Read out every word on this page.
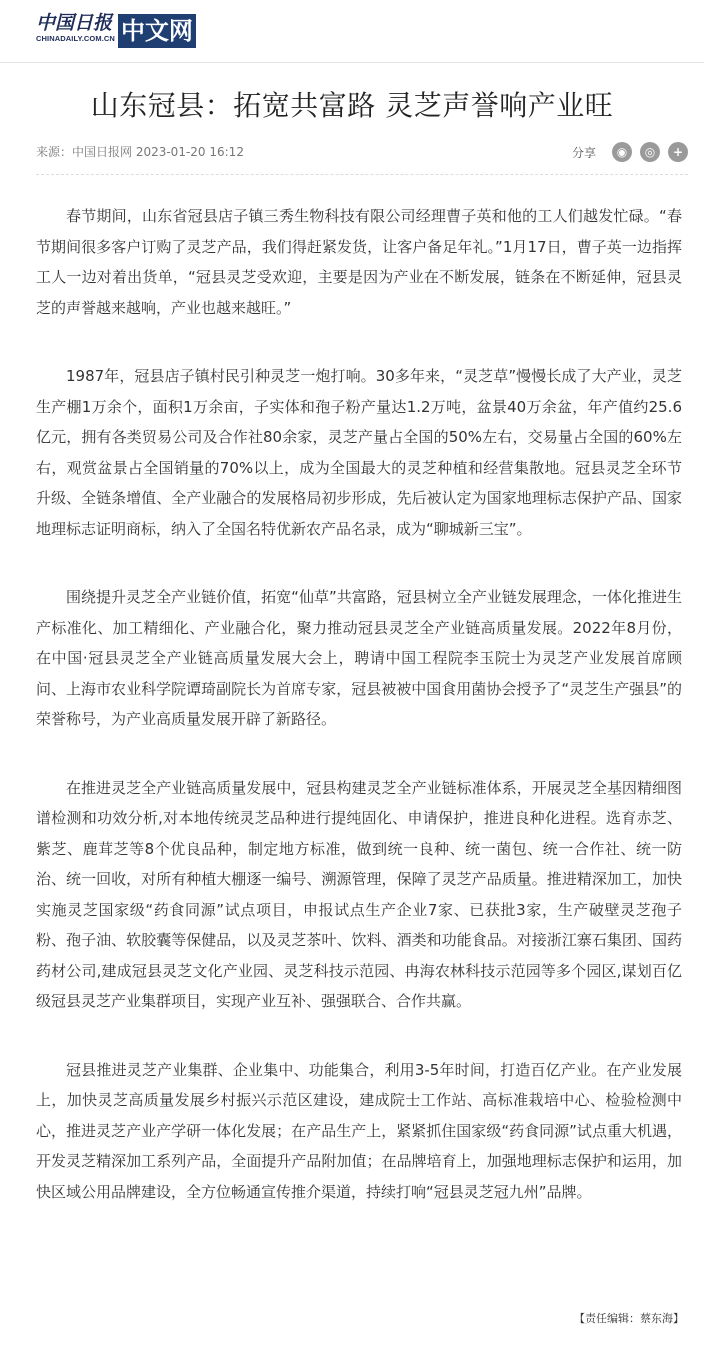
中国日报
CHINADAILY.COM.CN 中文网
山东冠县：拓宽共富路 灵芝声誉响产业旺
来源：中国日报网 2023-01-20 16:12	分享	◉	◎	+

春节期间，山东省冠县店子镇三秀生物科技有限公司经理曹子英和他的工人们越发忙碌。“春节期间很多客户订购了灵芝产品，我们得赶紧发货，让客户备足年礼。”1月17日，曹子英一边指挥工人一边对着出货单，“冠县灵芝受欢迎，主要是因为产业在不断发展，链条在不断延伸，冠县灵芝的声誉越来越响，产业也越来越旺。”

1987年，冠县店子镇村民引种灵芝一炮打响。30多年来，“灵芝草”慢慢长成了大产业，灵芝生产棚1万余个，面积1万余亩，子实体和孢子粉产量达1.2万吨，盆景40万余盆，年产值约25.6亿元，拥有各类贸易公司及合作社80余家，灵芝产量占全国的50%左右，交易量占全国的60%左右，观赏盆景占全国销量的70%以上，成为全国最大的灵芝种植和经营集散地。冠县灵芝全环节升级、全链条增值、全产业融合的发展格局初步形成，先后被认定为国家地理标志保护产品、国家地理标志证明商标，纳入了全国名特优新农产品名录，成为“聊城新三宝”。

围绕提升灵芝全产业链价值，拓宽“仙草”共富路，冠县树立全产业链发展理念，一体化推进生产标准化、加工精细化、产业融合化，聚力推动冠县灵芝全产业链高质量发展。2022年8月份，在中国·冠县灵芝全产业链高质量发展大会上，聘请中国工程院李玉院士为灵芝产业发展首席顾问、上海市农业科学院谭琦副院长为首席专家，冠县被被中国食用菌协会授予了“灵芝生产强县”的荣誉称号，为产业高质量发展开辟了新路径。

在推进灵芝全产业链高质量发展中，冠县构建灵芝全产业链标准体系，开展灵芝全基因精细图谱检测和功效分析,对本地传统灵芝品种进行提纯固化、申请保护，推进良种化进程。选育赤芝、紫芝、鹿茸芝等8个优良品种，制定地方标准，做到统一良种、统一菌包、统一合作社、统一防治、统一回收，对所有种植大棚逐一编号、溯源管理，保障了灵芝产品质量。推进精深加工，加快实施灵芝国家级“药食同源”试点项目，申报试点生产企业7家、已获批3家，生产破壁灵芝孢子粉、孢子油、软胶囊等保健品，以及灵芝茶叶、饮料、酒类和功能食品。对接浙江寨石集团、国药药材公司,建成冠县灵芝文化产业园、灵芝科技示范园、冉海农林科技示范园等多个园区,谋划百亿级冠县灵芝产业集群项目，实现产业互补、强强联合、合作共赢。

冠县推进灵芝产业集群、企业集中、功能集合，利用3-5年时间，打造百亿产业。在产业发展上，加快灵芝高质量发展乡村振兴示范区建设，建成院士工作站、高标准栽培中心、检验检测中心，推进灵芝产业产学研一体化发展；在产品生产上，紧紧抓住国家级“药食同源”试点重大机遇，开发灵芝精深加工系列产品，全面提升产品附加值；在品牌培育上，加强地理标志保护和运用，加快区域公用品牌建设，全方位畅通宣传推介渠道，持续打响“冠县灵芝冠九州”品牌。

【责任编辑：蔡东海】
